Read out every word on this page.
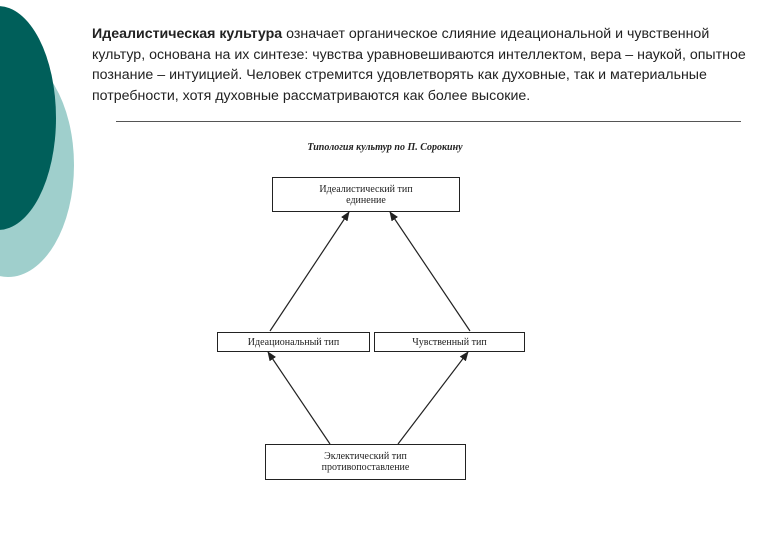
Идеалистическая культура означает органическое слияние идеациональной и чувственной культур, основана на их синтезе: чувства уравновешиваются интеллектом, вера – наукой, опытное познание – интуицией. Человек стремится удовлетворять как духовные, так и материальные потребности, хотя духовные рассматриваются как более высокие.
Типология культур по П. Сорокину
Идеалистический тип
единение
Идеациональный тип	Чувственный тип
Эклектический тип
противопоставление
